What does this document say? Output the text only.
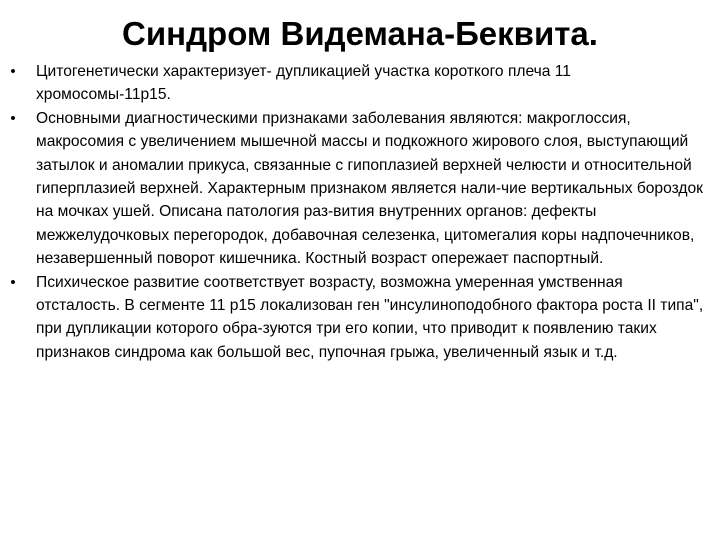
Синдром Видемана-Беквита.
•
Цитогенетически характеризует- дупликацией участка короткого плеча 11 хромосомы-11p15.
•
Основными диагностическими признаками заболевания являются: макроглоссия, макросомия с увеличением мышечной массы и подкожного жирового слоя, выступающий затылок и аномалии прикуса, связанные с гипоплазией верхней челюсти и относительной гиперплазией верхней. Характерным признаком является нали-чие вертикальных бороздок на мочках ушей. Описана патология раз-вития внутренних органов: дефекты межжелудочковых перегородок, добавочная селезенка, цитомегалия коры надпочечников, незавершенный поворот кишечника. Костный возраст опережает паспортный.
•
Психическое развитие соответствует возрасту, возможна умеренная умственная отсталость. В сегменте 11 p15 локализован ген "инсулиноподобного фактора роста II типа", при дупликации которого обра-зуются три его копии, что приводит к появлению таких признаков синдрома как большой вес, пупочная грыжа, увеличенный язык и т.д.
